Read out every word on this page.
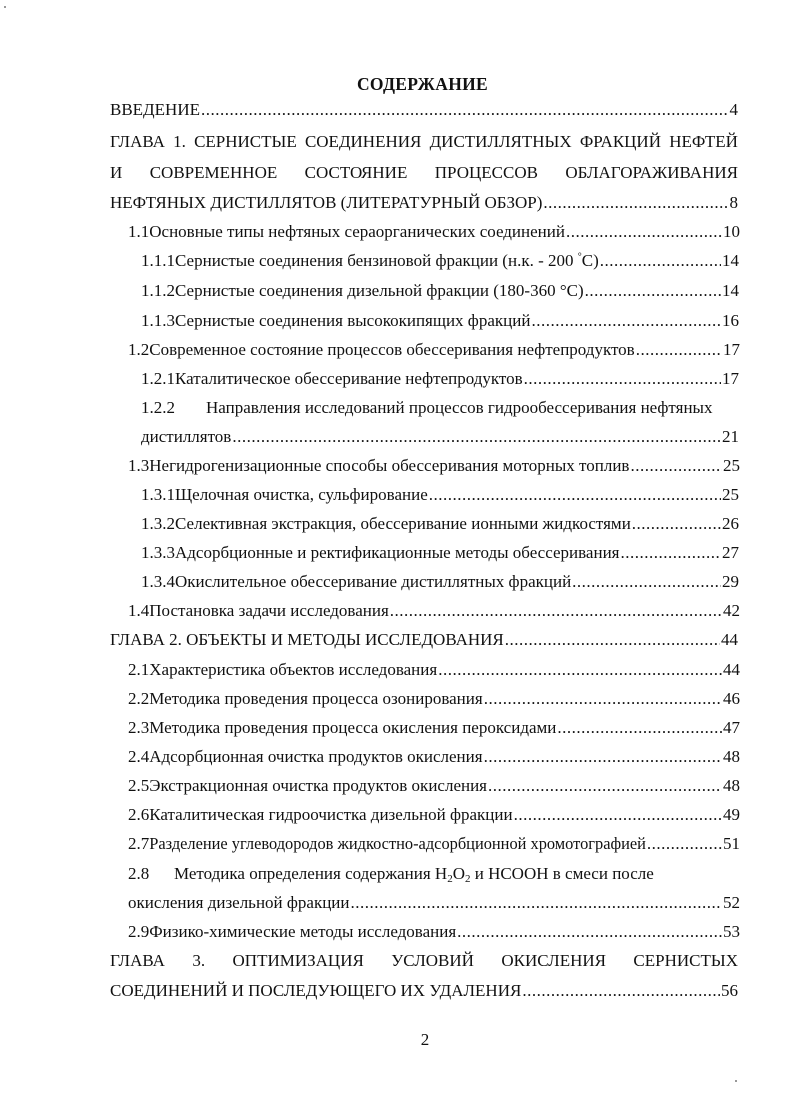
СОДЕРЖАНИЕ
ВВЕДЕНИЕ .....	4
ГЛАВА 1. СЕРНИСТЫЕ СОЕДИНЕНИЯ ДИСТИЛЛЯТНЫХ ФРАКЦИЙ НЕФТЕЙ
И СОВРЕМЕННОЕ СОСТОЯНИЕ ПРОЦЕССОВ ОБЛАГОРАЖИВАНИЯ
НЕФТЯНЫХ ДИСТИЛЛЯТОВ (ЛИТЕРАТУРНЫЙ ОБЗОР) .....	8
1.1 Основные типы нефтяных сераорганических соединений .....	10
1.1.1 Сернистые соединения бензиновой фракции (н.к. - 200 °С) .....	14
1.1.2 Сернистые соединения дизельной фракции (180-360 °С) .....	14
1.1.3 Сернистые соединения высококипящих фракций .....	16
1.2 Современное состояние процессов обессеривания нефтепродуктов .....	17
1.2.1 Каталитическое обессеривание нефтепродуктов .....	17
1.2.2 Направления исследований процессов гидрообессеривания нефтяных
дистиллятов .....	21
1.3 Негидрогенизационные способы обессеривания моторных топлив .....	25
1.3.1 Щелочная очистка, сульфирование .....	25
1.3.2 Селективная экстракция, обессеривание ионными жидкостями .....	26
1.3.3 Адсорбционные и ректификационные методы обессеривания .....	27
1.3.4 Окислительное обессеривание дистиллятных фракций .....	29
1.4 Постановка задачи исследования .....	42
ГЛАВА 2. ОБЪЕКТЫ И МЕТОДЫ ИССЛЕДОВАНИЯ .....	44
2.1 Характеристика объектов исследования .....	44
2.2 Методика проведения процесса озонирования .....	46
2.3 Методика проведения процесса окисления пероксидами .....	47
2.4 Адсорбционная очистка продуктов окисления .....	48
2.5 Экстракционная очистка продуктов окисления .....	48
2.6 Каталитическая гидроочистка дизельной фракции .....	49
2.7 Разделение углеводородов жидкостно-адсорбционной хромотографией .....	51
2.8 Методика определения содержания $H_2O_2$ и HCOOH в смеси после
окисления дизельной фракции .....	52
2.9 Физико-химические методы исследования .....	53
ГЛАВА 3. ОПТИМИЗАЦИЯ УСЛОВИЙ ОКИСЛЕНИЯ СЕРНИСТЫХ
СОЕДИНЕНИЙ И ПОСЛЕДУЮЩЕГО ИХ УДАЛЕНИЯ .....	56
2
